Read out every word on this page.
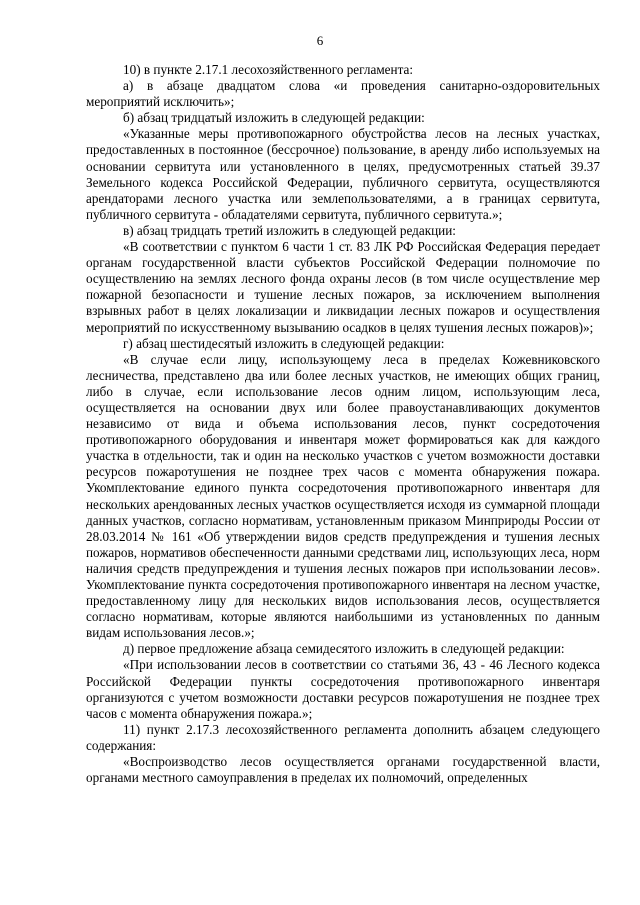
6

10) в пункте 2.17.1 лесохозяйственного регламента:

а) в абзаце двадцатом слова «и проведения санитарно-оздоровительных мероприятий исключить»;

б) абзац тридцатый изложить в следующей редакции:

«Указанные меры противопожарного обустройства лесов на лесных участках, предоставленных в постоянное (бессрочное) пользование, в аренду либо используемых на основании сервитута или установленного в целях, предусмотренных статьей 39.37 Земельного кодекса Российской Федерации, публичного сервитута, осуществляются арендаторами лесного участка или землепользователями, а в границах сервитута, публичного сервитута - обладателями сервитута, публичного сервитута.»;

в) абзац тридцать третий изложить в следующей редакции:

«В соответствии с пунктом 6 части 1 ст. 83 ЛК РФ Российская Федерация передает органам государственной власти субъектов Российской Федерации полномочие по осуществлению на землях лесного фонда охраны лесов (в том числе осуществление мер пожарной безопасности и тушение лесных пожаров, за исключением выполнения взрывных работ в целях локализации и ликвидации лесных пожаров и осуществления мероприятий по искусственному вызыванию осадков в целях тушения лесных пожаров)»;

г) абзац шестидесятый изложить в следующей редакции:

«В случае если лицу, использующему леса в пределах Кожевниковского лесничества, представлено два или более лесных участков, не имеющих общих границ, либо в случае, если использование лесов одним лицом, использующим леса, осуществляется на основании двух или более правоустанавливающих документов независимо от вида и объема использования лесов, пункт сосредоточения противопожарного оборудования и инвентаря может формироваться как для каждого участка в отдельности, так и один на несколько участков с учетом возможности доставки ресурсов пожаротушения не позднее трех часов с момента обнаружения пожара. Укомплектование единого пункта сосредоточения противопожарного инвентаря для нескольких арендованных лесных участков осуществляется исходя из суммарной площади данных участков, согласно нормативам, установленным приказом Минприроды России от 28.03.2014 № 161 «Об утверждении видов средств предупреждения и тушения лесных пожаров, нормативов обеспеченности данными средствами лиц, использующих леса, норм наличия средств предупреждения и тушения лесных пожаров при использовании лесов». Укомплектование пункта сосредоточения противопожарного инвентаря на лесном участке, предоставленному лицу для нескольких видов использования лесов, осуществляется согласно нормативам, которые являются наибольшими из установленных по данным видам использования лесов.»;

д) первое предложение абзаца семидесятого изложить в следующей редакции:

«При использовании лесов в соответствии со статьями 36, 43 - 46 Лесного кодекса Российской Федерации пункты сосредоточения противопожарного инвентаря организуются с учетом возможности доставки ресурсов пожаротушения не позднее трех часов с момента обнаружения пожара.»;

11) пункт 2.17.3 лесохозяйственного регламента дополнить абзацем следующего содержания:

«Воспроизводство лесов осуществляется органами государственной власти, органами местного самоуправления в пределах их полномочий, определенных
